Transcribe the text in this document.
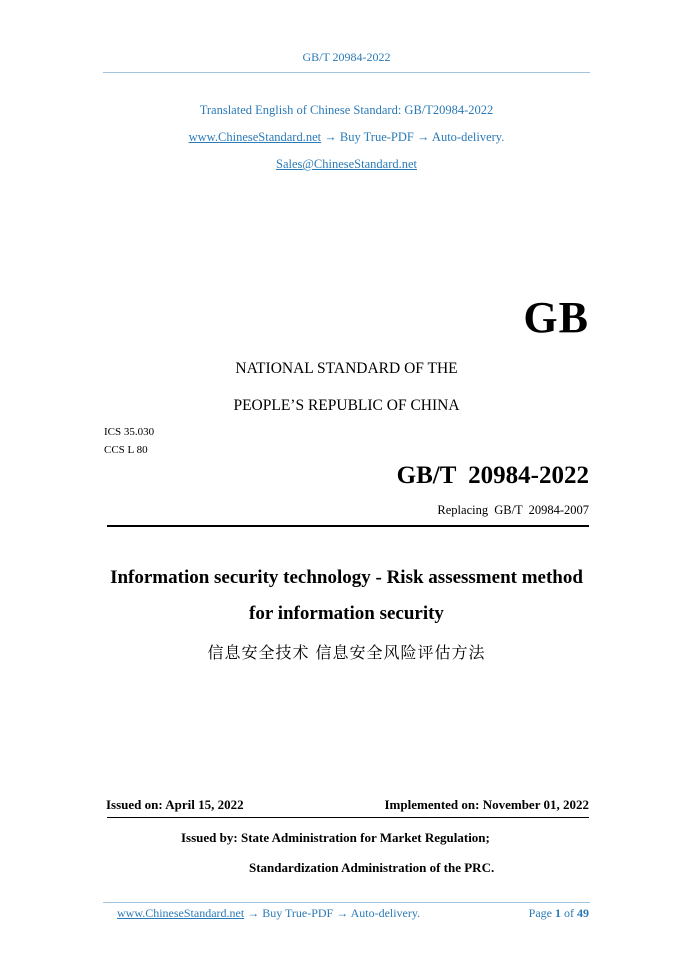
GB/T 20984-2022
Translated English of Chinese Standard: GB/T20984-2022
www.ChineseStandard.net → Buy True-PDF → Auto-delivery.
Sales@ChineseStandard.net
GB
NATIONAL STANDARD OF THE
PEOPLE’S REPUBLIC OF CHINA
ICS 35.030
CCS L 80
GB/T 20984-2022
Replacing GB/T 20984-2007
Information security technology - Risk assessment method
for information security
信息安全技术 信息安全风险评估方法
Issued on: April 15, 2022	Implemented on: November 01, 2022
Issued by: State Administration for Market Regulation;
Standardization Administration of the PRC.
www.ChineseStandard.net → Buy True-PDF → Auto-delivery.	Page 1 of 49
